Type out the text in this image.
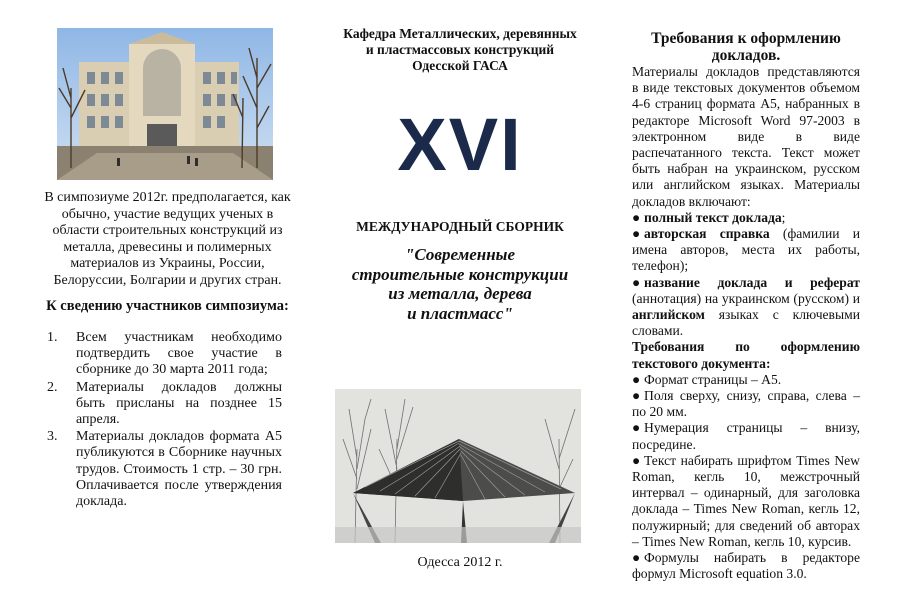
В симпозиуме 2012г. предполагается, как обычно, участие ведущих ученых в области строительных конструкций из металла, древесины и полимерных материалов из Украины, России, Белоруссии, Болгарии и других стран.
К сведению участников симпозиума:
1. Всем участникам необходимо подтвердить свое участие в сборнике до 30 марта 2011 года;
2. Материалы докладов должны быть присланы на позднее 15 апреля.
3. Материалы докладов формата А5 публикуются в Сборнике научных трудов. Стоимость 1 стр. – 30 грн. Оплачивается после утверждения доклада.
Кафедра Металлических, деревянных
и пластмассовых конструкций
Одесской ГАСА
XVI
МЕЖДУНАРОДНЫЙ СБОРНИК
"Современные
строительные конструкции
из металла, дерева
и пластмасс"
Одесса 2012 г.
Требования к оформлению
докладов.

Материалы докладов представляются в виде текстовых документов объемом 4-6 страниц формата А5, набранных в редакторе Microsoft Word 97-2003 в электронном виде в виде распечатанного текста. Текст может быть набран на украинском, русском или английском языках. Материалы докладов включают:

● полный текст доклада;

● авторская справка (фамилии и имена авторов, места их работы, телефон);

● название доклада и реферат (аннотация) на украинском (русском) и английском языках с ключевыми словами.

Требования по оформлению текстового документа:

● Формат страницы – А5.

● Поля сверху, снизу, справа, слева – по 20 мм.

● Нумерация страницы – внизу, посредине.

● Текст набирать шрифтом Times New Roman, кегль 10, межстрочный интервал – одинарный, для заголовка доклада – Times New Roman, кегль 12, полужирный; для сведений об авторах – Times New Roman, кегль 10, курсив.

● Формулы набирать в редакторе формул Microsoft equation 3.0.
